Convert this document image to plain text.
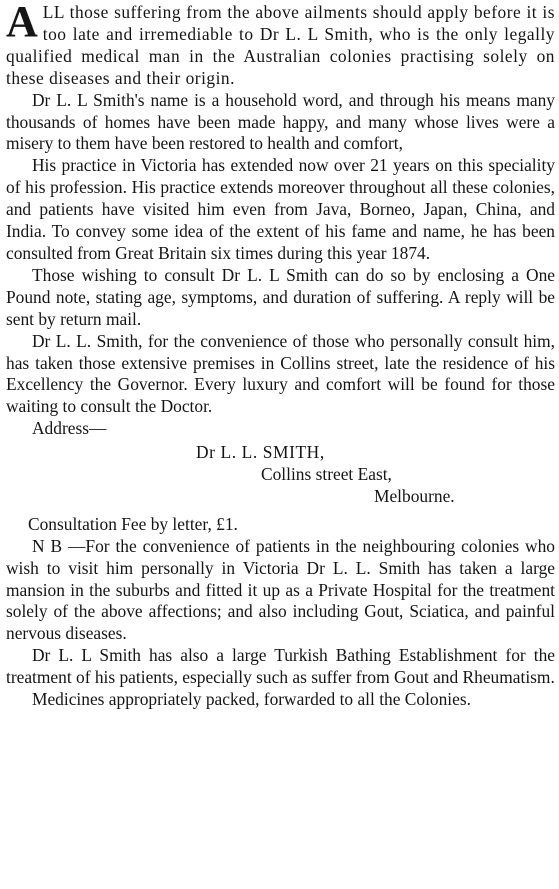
ALL those suffering from the above ailments should apply before it is too late and irremediable to Dr L. L Smith, who is the only legally qualified medical man in the Australian colonies practising solely on these diseases and their origin.

Dr L. L Smith's name is a household word, and through his means many thousands of homes have been made happy, and many whose lives were a misery to them have been restored to health and comfort,

His practice in Victoria has extended now over 21 years on this speciality of his profession. His practice extends moreover throughout all these colonies, and patients have visited him even from Java, Borneo, Japan, China, and India. To convey some idea of the extent of his fame and name, he has been consulted from Great Britain six times during this year 1874.

Those wishing to consult Dr L. L Smith can do so by enclosing a One Pound note, stating age, symptoms, and duration of suffering. A reply will be sent by return mail.

Dr L. L. Smith, for the convenience of those who personally consult him, has taken those extensive premises in Collins street, late the residence of his Excellency the Governor. Every luxury and comfort will be found for those waiting to consult the Doctor.

Address—
Dr L. L. SMITH,
Collins street East,
Melbourne.

Consultation Fee by letter, £1.

N B —For the convenience of patients in the neighbouring colonies who wish to visit him personally in Victoria Dr L. L. Smith has taken a large mansion in the suburbs and fitted it up as a Private Hospital for the treatment solely of the above affections; and also including Gout, Sciatica, and painful nervous diseases.

Dr L. L Smith has also a large Turkish Bathing Establishment for the treatment of his patients, especially such as suffer from Gout and Rheumatism.

Medicines appropriately packed, forwarded to all the Colonies.
